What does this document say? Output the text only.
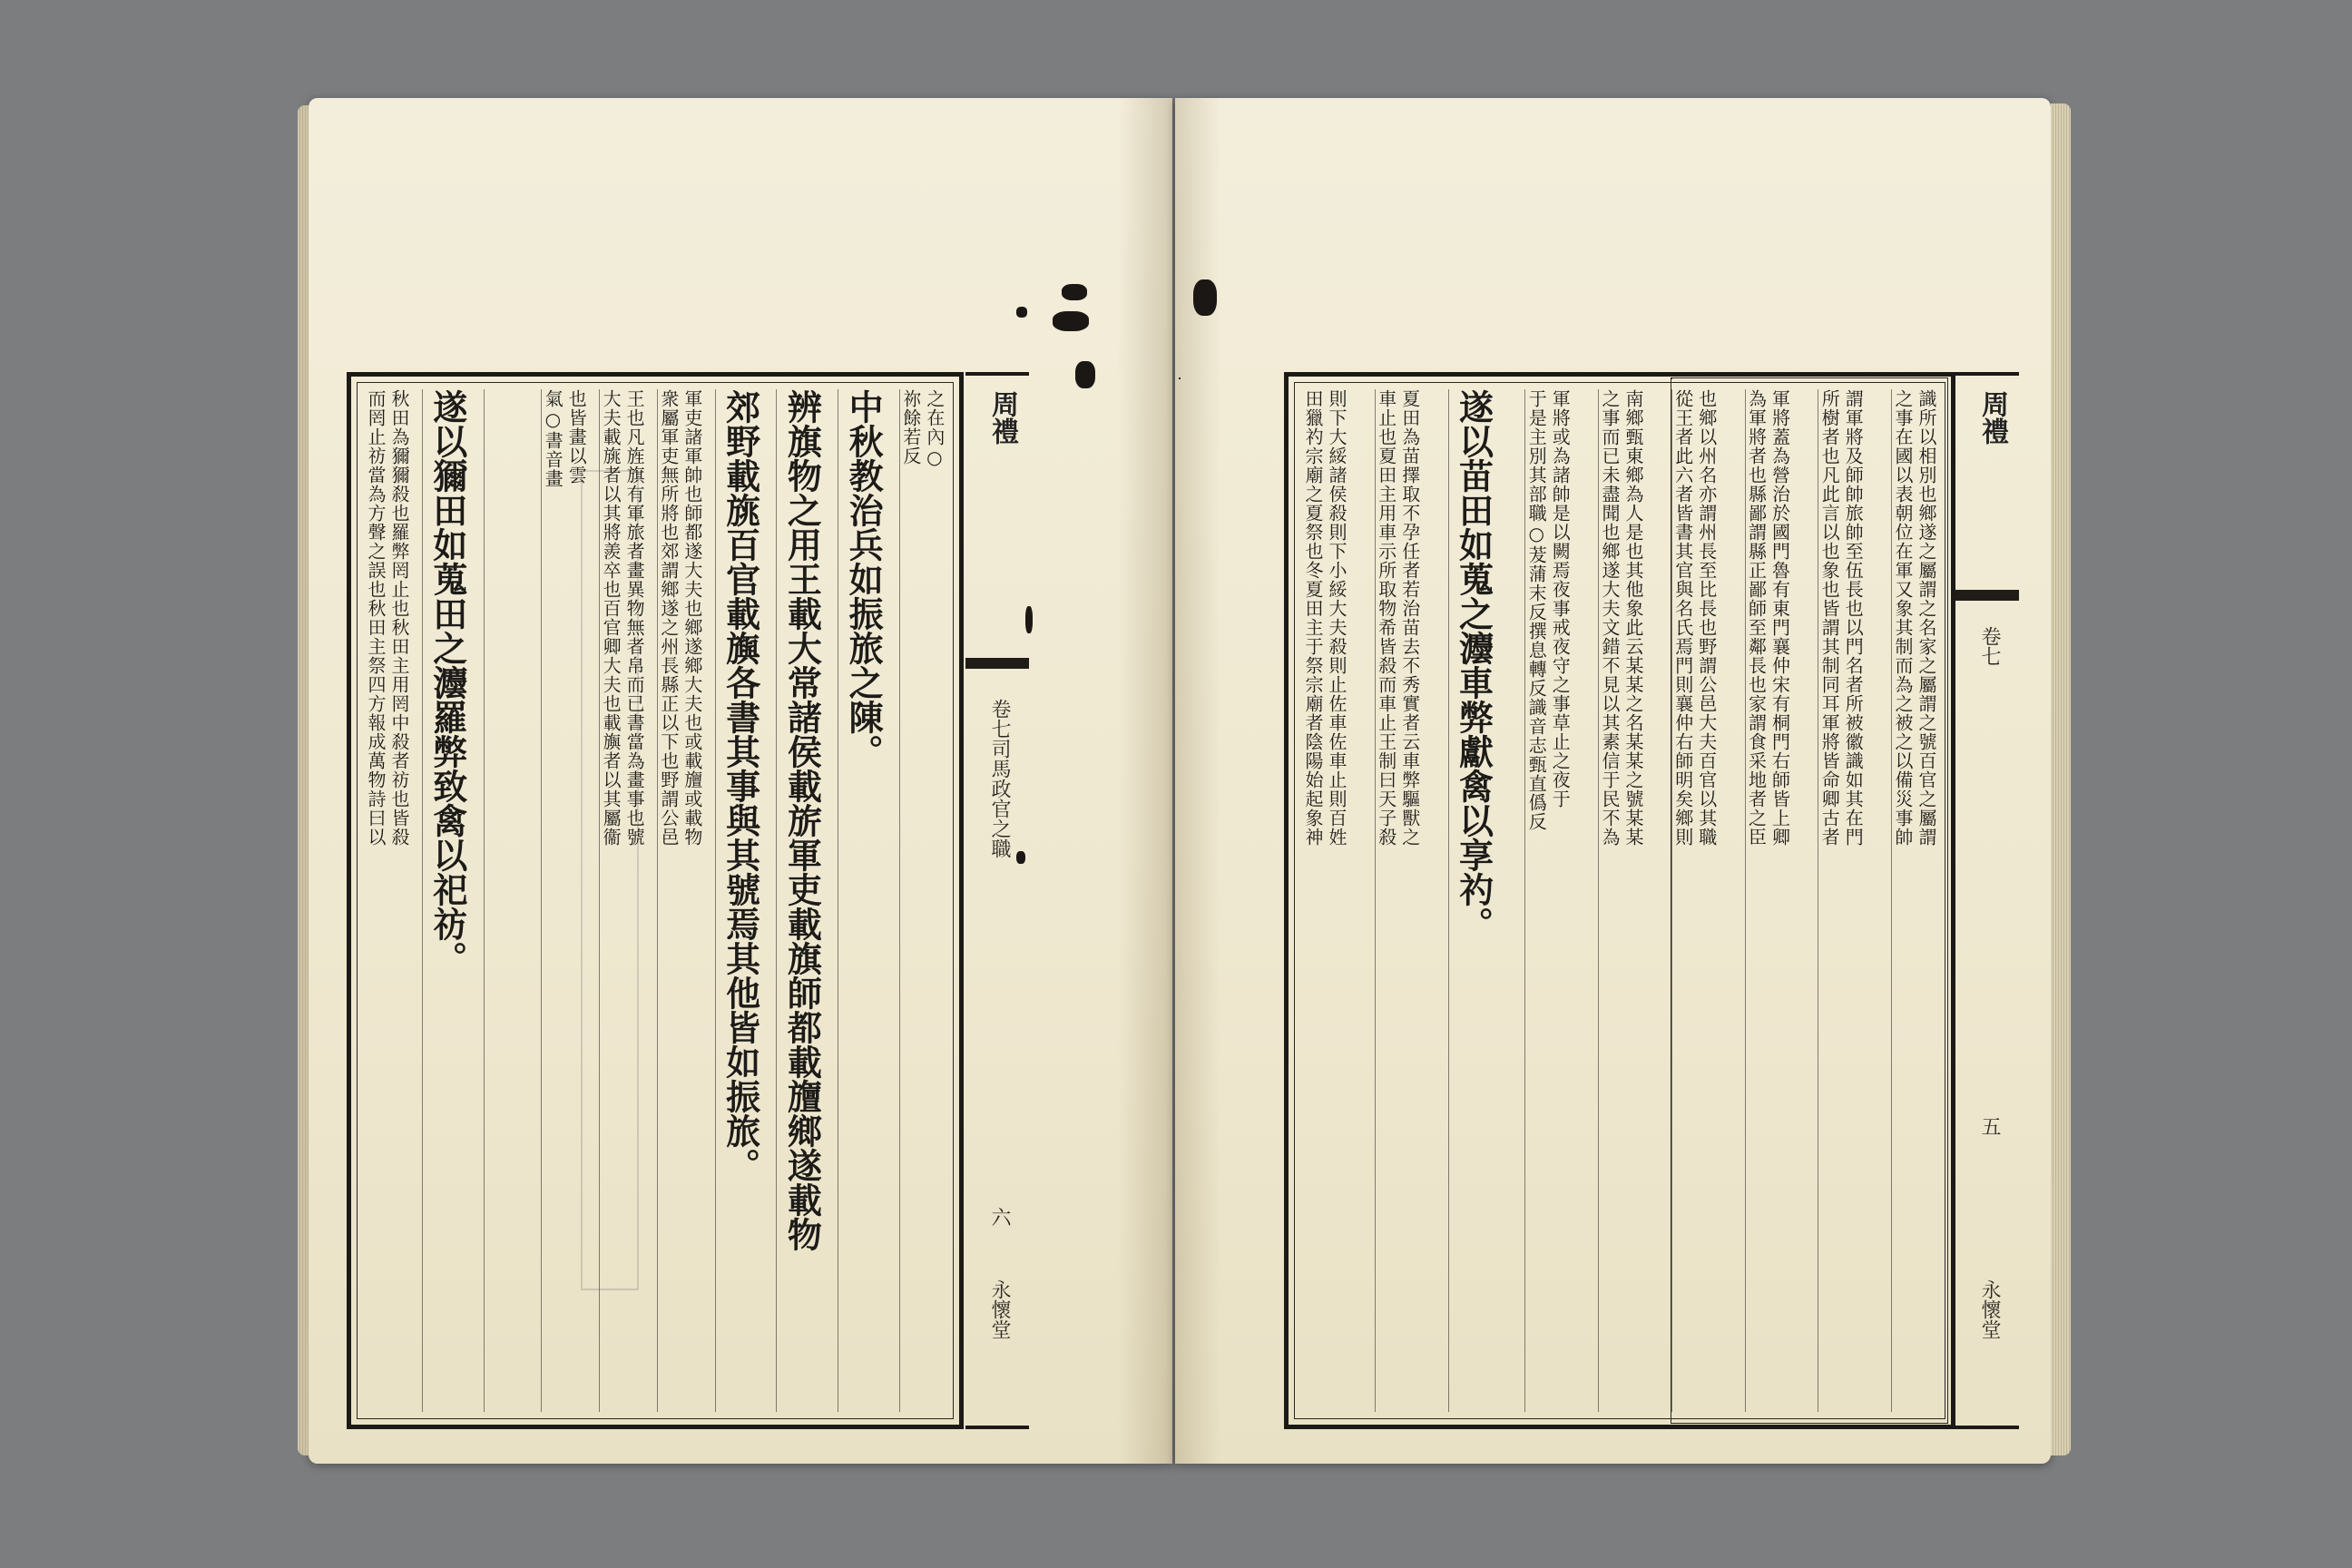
之在內○
祢餘若反
中秋教治兵如振旅之陳。
辨旗物之用王載大常諸侯載旂軍吏載旗師都載旜鄉遂載物
郊野載旐百官載旟各書其事與其號焉其他皆如振旅。
軍吏諸軍帥也師都遂大夫也鄉遂鄉大夫也或載旜或載物
衆屬軍吏無所將也郊謂鄉遂之州長縣正以下也野謂公邑
王也凡旌旗有軍旅者畫異物無者帛而已書當為畫事也號
大夫載旐者以其將羨卒也百官卿大夫也載旟者以其屬衞
也皆畫以雲
氣○書音畫
遂以獮田如蒐田之灋羅弊致禽以祀祊。
秋田為獮獮殺也羅弊罔止也秋田主用罔中殺者祊也皆殺
而罔止祊當為方聲之誤也秋田主祭四方報成萬物詩曰以	周禮
卷七司馬政官之職
六
永懷堂
周禮
卷七
五
永懷堂
識所以相別也鄉遂之屬謂之名家之屬謂之號百官之屬謂
之事在國以表朝位在軍又象其制而為之被之以備災事帥
謂軍將及師帥旅帥至伍長也以門名者所被徽識如其在門
所樹者也凡此言以也象也皆謂其制同耳軍將皆命卿古者
軍將蓋為營治於國門魯有東門襄仲宋有桐門右師皆上卿
為軍將者也縣鄙謂縣正鄙師至鄰長也家謂食采地者之臣
也鄉以州名亦謂州長至比長也野謂公邑大夫百官以其職
從王者此六者皆書其官與名氏焉門則襄仲右師明矣鄉則
南鄉甄東鄉為人是也其他象此云某某之名某某之號某某
之事而已未盡聞也鄉遂大夫文錯不見以其素信于民不為
軍將或為諸帥是以闕焉夜事戒夜守之事草止之夜于
于是主別其部職○茇蒲末反撰息轉反識音志甄直僞反
遂以苗田如蒐之灋車弊獻禽以享礿。
夏田為苗擇取不孕任者若治苗去不秀實者云車弊驅獸之
車止也夏田主用車示所取物希皆殺而車止王制曰天子殺
則下大綏諸侯殺則下小綏大夫殺則止佐車佐車止則百姓
田獵礿宗廟之夏祭也冬夏田主于祭宗廟者陰陽始起象神
